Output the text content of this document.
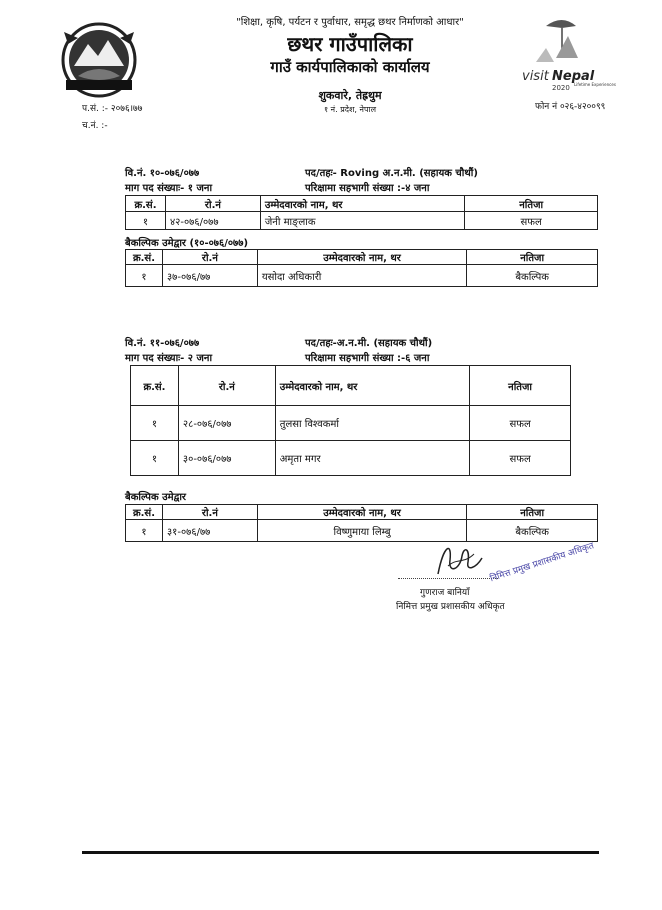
"शिक्षा, कृषि, पर्यटन र पुर्वाधार, समृद्ध छथर निर्माणको आधार"
छथर गाउँपालिका
गाउँ कार्यपालिकाको कार्यालय
शुकवारे, तेह्रथुम
१ नं. प्रदेश, नेपाल
प.सं. :- २०७६।७७
च.नं. :-
visit Nepal
2020 Lifetime Experiences
फोन नं ०२६-४२००९९
वि.नं. १०-०७६/०७७	पद/तहः- Roving अ.न.मी. (सहायक चौथौं)
माग पद संख्याः- १ जना	परिक्षामा सहभागी संख्या :-४ जना
क्र.सं.	रो.नं	उम्मेदवारको नाम, थर	नतिजा
१	४२-०७६/०७७	जेनी माङ्लाक	सफल
बैकल्पिक उमेद्वार (१०-०७६/०७७)
क्र.सं.	रो.नं	उम्मेदवारको नाम, थर	नतिजा
१	३७-०७६/७७	यसोदा अधिकारी	बैकल्पिक
वि.नं. ११-०७६/०७७	पद/तहः-अ.न.मी. (सहायक चौथौं)
माग पद संख्याः- २ जना	परिक्षामा सहभागी संख्या :-६ जना
क्र.सं.	रो.नं	उम्मेदवारको नाम, थर	नतिजा
१	२८-०७६/०७७	तुलसा विश्वकर्मा	सफल
१	३०-०७६/०७७	अमृता मगर	सफल
बैकल्पिक उमेद्वार
क्र.सं.	रो.नं	उम्मेदवारको नाम, थर	नतिजा
१	३१-०७६/७७	विष्णुमाया लिम्बु	बैकल्पिक
गुणराज बानियाँ
निमित्त प्रमुख प्रशासकीय अधिकृत
निमित्त प्रमुख प्रशासकीय अधिकृत
